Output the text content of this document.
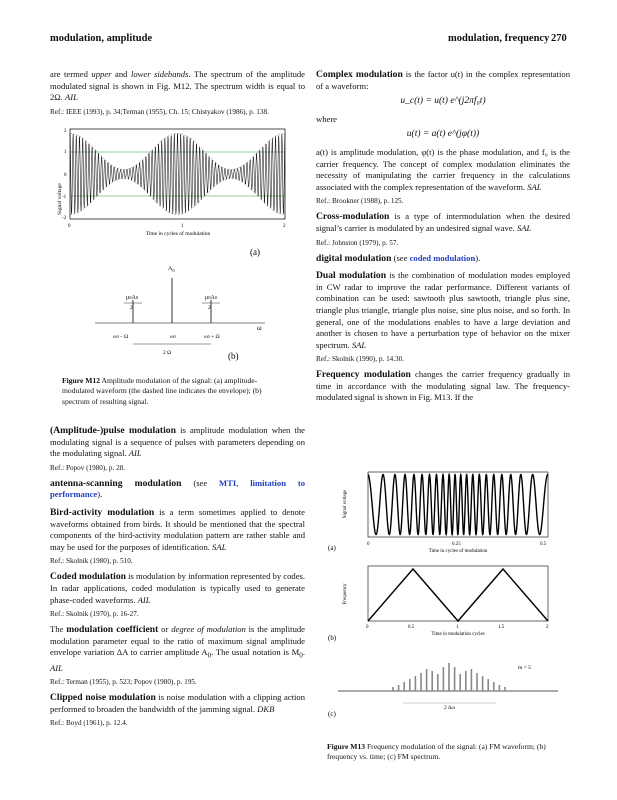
modulation, amplitude	modulation, frequency 270

are termed upper and lower sidebands. The spectrum of the amplitude modulated signal is shown in Fig. M12. The spectrum width is equal to 2Ω. AIL

Ref.: IEEE (1993), p. 34;Terman (1955), Ch. 15; Chistyakov (1986), p. 138.

Signal voltage
2
1
0
-1
-2
0	1	2
Time in cycles of modulation
(a)
$A_0$
μ0A0
2
μ0A0
2
ω
ω0 – Ω	ω0	ω0 + Ω
2 Ω	(b)
Figure M12 Amplitude modulation of the signal: (a) amplitude-modulated waveform (the dashed line indicates the envelope); (b) spectrum of resulting signal.

(Amplitude-)pulse modulation is amplitude modulation when the modulating signal is a sequence of pulses with parameters depending on the modulating signal. AIL

Ref.: Popov (1980), p. 28.

antenna-scanning modulation (see MTI, limitation to performance).

Bird-activity modulation is a term sometimes applied to denote waveforms obtained from birds. It should be mentioned that the spectral components of the bird-activity modulation pattern are rather stable and may be used for the purposes of identification. SAL

Ref.: Skolnik (1980), p. 510.

Coded modulation is modulation by information represented by codes. In radar applications, coded modulation is typically used to generate phase-coded waveforms. AIL

Ref.: Skolnik (1970), p. 16-27.

The modulation coefficient or degree of modulation is the amplitude modulation parameter equal to the ratio of maximum signal amplitude envelope variation ΔA to carrier amplitude $A_0$. The usual notation is $M_0$. AIL

Ref.: Terman (1955), p. 523; Popov (1980), p. 195.

Clipped noise modulation is noise modulation with a clipping action performed to broaden the bandwidth of the jamming signal. DKB

Ref.: Boyd (1961), p. 12.4.

Complex modulation is the factor u(t) in the complex representation of a waveform:

u_c(t) = u(t) e^(j2πf₀t)

where

u(t) = a(t) e^(jφ(t))

a(t) is amplitude modulation, φ(t) is the phase modulation, and f₀ is the carrier frequency. The concept of complex modulation eliminates the necessity of manipulating the carrier frequency in the calculations associated with the complex representation of the waveform. SAL

Ref.: Brookner (1988), p. 125.

Cross-modulation is a type of intermodulation when the desired signal’s carrier is modulated by an undesired signal wave. SAL

Ref.: Johnston (1979), p. 57.

digital modulation (see coded modulation).

Dual modulation is the combination of modulation modes employed in CW radar to improve the radar performance. Different variants of combination can be used: sawtooth plus sawtooth, triangle plus sine, triangle plus triangle, triangle plus noise, sine plus noise, and so forth. In general, one of the modulations enables to have a large deviation and another is chosen to have a perturbation type of behavior on the mixer spectrum. SAL

Ref.: Skolnik (1990), p. 14.30.

Frequency modulation changes the carrier frequency gradually in time in accordance with the modulating signal law. The frequency-modulated signal is shown in Fig. M13. If the

Signal voltage
0	0.25	0.5
Time in cycles of modulation
(a)
Frequency
0	0.5	1	1.5	2
Time in modulation cycles
(b)
m = 5
2 Δω
(c)
Figure M13 Frequency modulation of the signal: (a) FM waveform; (b) frequency vs. time; (c) FM spectrum.
